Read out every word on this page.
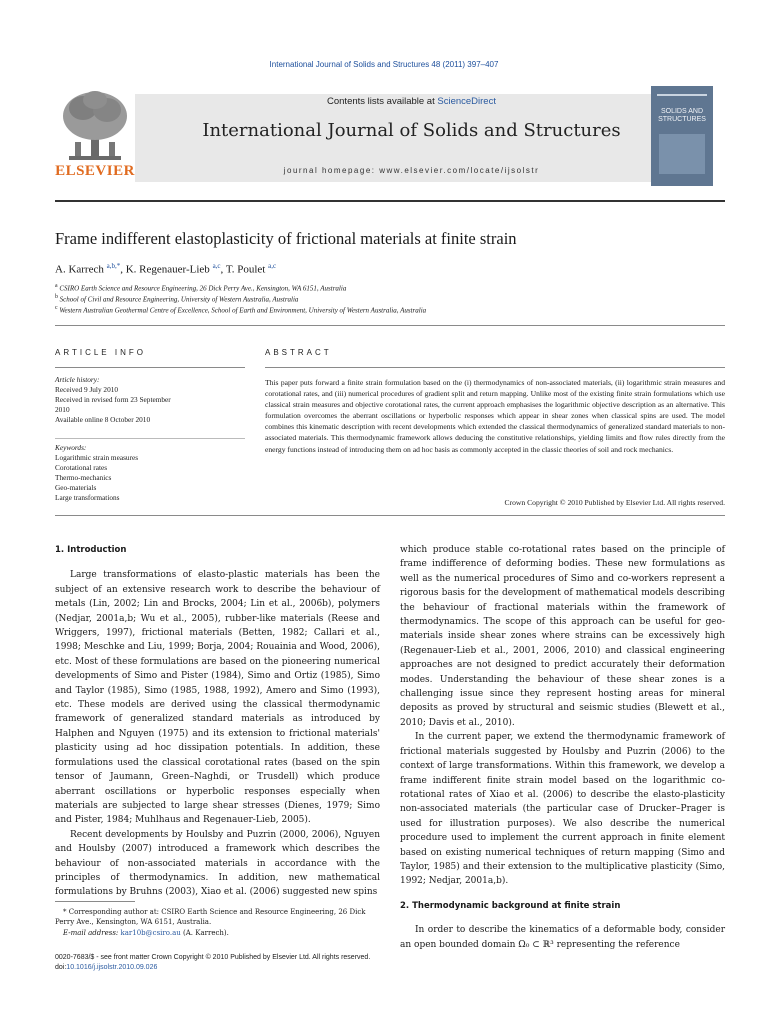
International Journal of Solids and Structures 48 (2011) 397–407
ELSEVIER
Contents lists available at ScienceDirect
International Journal of Solids and Structures
journal homepage: www.elsevier.com/locate/ijsolstr
SOLIDS AND STRUCTURES
Frame indifferent elastoplasticity of frictional materials at finite strain
A. Karrech $^{a,b,*}$, K. Regenauer-Lieb $^{a,c}$, T. Poulet $^{a,c}$
$^a$ CSIRO Earth Science and Resource Engineering, 26 Dick Perry Ave., Kensington, WA 6151, Australia
$^b$ School of Civil and Resource Engineering, University of Western Australia, Australia
$^c$ Western Australian Geothermal Centre of Excellence, School of Earth and Environment, University of Western Australia, Australia
ARTICLE INFO
Article history:
Received 9 July 2010
Received in revised form 23 September
2010
Available online 8 October 2010
Keywords:
Logarithmic strain measures
Corotational rates
Thermo-mechanics
Geo-materials
Large transformations
ABSTRACT
This paper puts forward a finite strain formulation based on the (i) thermodynamics of non-associated materials, (ii) logarithmic strain measures and corotational rates, and (iii) numerical procedures of gradient split and return mapping. Unlike most of the existing finite strain formulations which use classical strain measures and objective corotational rates, the current approach emphasises the logarithmic objective description as an alternative. This formulation overcomes the aberrant oscillations or hyperbolic responses which appear in shear zones when classical spins are used. The model combines this kinematic description with recent developments which extended the classical thermodynamics of generalized standard materials to non-associated materials. This thermodynamic framework allows deducing the constitutive relationships, yielding limits and flow rules directly from the energy functions instead of introducing them on ad hoc basis as commonly accepted in the classic theories of soil and rock mechanics.
Crown Copyright © 2010 Published by Elsevier Ltd. All rights reserved.
1. Introduction

Large transformations of elasto-plastic materials has been the subject of an extensive research work to describe the behaviour of metals (Lin, 2002; Lin and Brocks, 2004; Lin et al., 2006b), polymers (Nedjar, 2001a,b; Wu et al., 2005), rubber-like materials (Reese and Wriggers, 1997), frictional materials (Betten, 1982; Callari et al., 1998; Meschke and Liu, 1999; Borja, 2004; Rouainia and Wood, 2006), etc. Most of these formulations are based on the pioneering numerical developments of Simo and Pister (1984), Simo and Ortiz (1985), Simo and Taylor (1985), Simo (1985, 1988, 1992), Amero and Simo (1993), etc. These models are derived using the classical thermodynamic framework of generalized standard materials as introduced by Halphen and Nguyen (1975) and its extension to frictional materials' plasticity using ad hoc dissipation potentials. In addition, these formulations used the classical corotational rates (based on the spin tensor of Jaumann, Green–Naghdi, or Trusdell) which produce aberrant oscillations or hyperbolic responses especially when materials are subjected to large shear stresses (Dienes, 1979; Simo and Pister, 1984; Muhlhaus and Regenauer-Lieb, 2005).

Recent developments by Houlsby and Puzrin (2000, 2006), Nguyen and Houlsby (2007) introduced a framework which describes the behaviour of non-associated materials in accordance with the principles of thermodynamics. In addition, new mathematical formulations by Bruhns (2003), Xiao et al. (2006) suggested new spins

* Corresponding author at: CSIRO Earth Science and Resource Engineering, 26 Dick Perry Ave., Kensington, WA 6151, Australia.
E-mail address: kar10b@csiro.au (A. Karrech).

which produce stable co-rotational rates based on the principle of frame indifference of deforming bodies. These new formulations as well as the numerical procedures of Simo and co-workers represent a rigorous basis for the development of mathematical models describing the behaviour of fractional materials within the framework of thermodynamics. The scope of this approach can be useful for geo-materials inside shear zones where strains can be excessively high (Regenauer-Lieb et al., 2001, 2006, 2010) and classical engineering approaches are not designed to predict accurately their deformation modes. Understanding the behaviour of these shear zones is a challenging issue since they represent hosting areas for mineral deposits as proved by structural and seismic studies (Blewett et al., 2010; Davis et al., 2010).

In the current paper, we extend the thermodynamic framework of frictional materials suggested by Houlsby and Puzrin (2006) to the context of large transformations. Within this framework, we develop a frame indifferent finite strain model based on the logarithmic co-rotational rates of Xiao et al. (2006) to describe the elasto-plasticity non-associated materials (the particular case of Drucker–Prager is used for illustration purposes). We also describe the numerical procedure used to implement the current approach in finite element based on existing numerical techniques of return mapping (Simo and Taylor, 1985) and their extension to the multiplicative plasticity (Simo, 1992; Nedjar, 2001a,b).

2. Thermodynamic background at finite strain

In order to describe the kinematics of a deformable body, consider an open bounded domain Ω₀ ⊂ ℝ³ representing the reference

0020-7683/$ - see front matter Crown Copyright © 2010 Published by Elsevier Ltd. All rights reserved.
doi:10.1016/j.ijsolstr.2010.09.026
